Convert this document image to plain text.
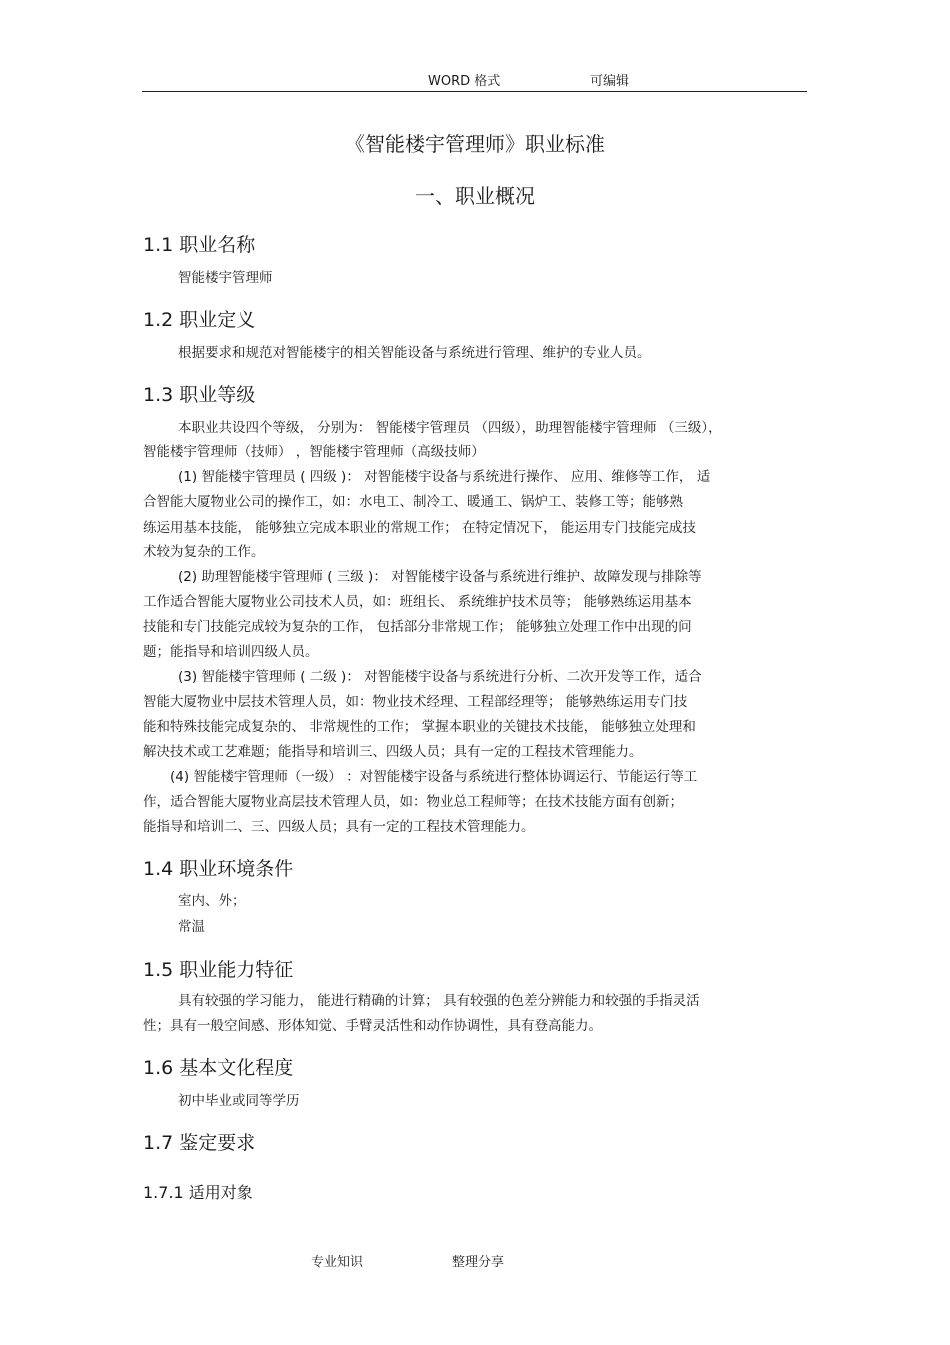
WORD 格式	可编辑
《智能楼宇管理师》职业标准
一、职业概况
1.1 职业名称
智能楼宇管理师
1.2 职业定义
根据要求和规范对智能楼宇的相关智能设备与系统进行管理、维护的专业人员。
1.3 职业等级
本职业共设四个等级， 分别为： 智能楼宇管理员 （四级），助理智能楼宇管理师 （三级），
智能楼宇管理师（技师） ，智能楼宇管理师（高级技师）
(1) 智能楼宇管理员 ( 四级 )： 对智能楼宇设备与系统进行操作、 应用、维修等工作， 适
合智能大厦物业公司的操作工，如：水电工、制冷工、暖通工、锅炉工、装修工等；能够熟
练运用基本技能， 能够独立完成本职业的常规工作； 在特定情况下， 能运用专门技能完成技
术较为复杂的工作。
(2) 助理智能楼宇管理师 ( 三级 )： 对智能楼宇设备与系统进行维护、故障发现与排除等
工作适合智能大厦物业公司技术人员，如：班组长、 系统维护技术员等； 能够熟练运用基本
技能和专门技能完成较为复杂的工作， 包括部分非常规工作； 能够独立处理工作中出现的问
题；能指导和培训四级人员。
(3) 智能楼宇管理师 ( 二级 )： 对智能楼宇设备与系统进行分析、二次开发等工作，适合
智能大厦物业中层技术管理人员，如：物业技术经理、工程部经理等； 能够熟练运用专门技
能和特殊技能完成复杂的、 非常规性的工作； 掌握本职业的关键技术技能， 能够独立处理和
解决技术或工艺难题；能指导和培训三、四级人员；具有一定的工程技术管理能力。
(4) 智能楼宇管理师（一级） ：对智能楼宇设备与系统进行整体协调运行、节能运行等工
作，适合智能大厦物业高层技术管理人员，如：物业总工程师等；在技术技能方面有创新；
能指导和培训二、三、四级人员；具有一定的工程技术管理能力。
1.4 职业环境条件
室内、外；
常温
1.5 职业能力特征
具有较强的学习能力， 能进行精确的计算； 具有较强的色差分辨能力和较强的手指灵活
性；具有一般空间感、形体知觉、手臂灵活性和动作协调性，具有登高能力。
1.6 基本文化程度
初中毕业或同等学历
1.7 鉴定要求
1.7.1 适用对象
专业知识	整理分享
